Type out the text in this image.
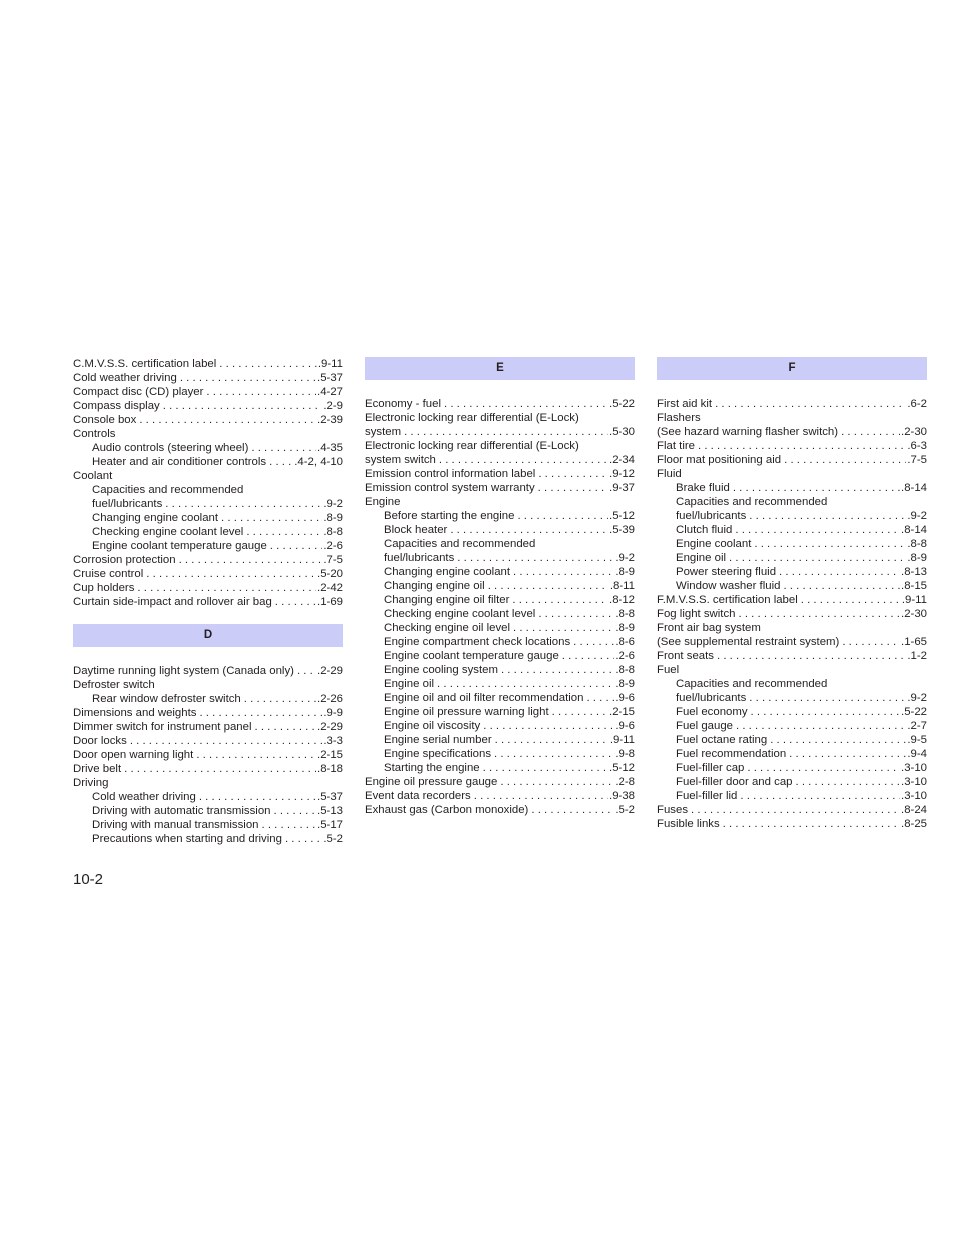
C.M.V.S.S. certification label . . .	.9-11
Cold weather driving . . .	.5-37
Compact disc (CD) player . . .	.4-27
Compass display . . .	.2-9
Console box . . .	.2-39
Controls
Audio controls (steering wheel) . . .	.4-35
Heater and air conditioner controls . . . .4-2, 4-10
Coolant
Capacities and recommended
fuel/lubricants . . .	.9-2
Changing engine coolant . . .	.8-9
Checking engine coolant level . . .	.8-8
Engine coolant temperature gauge . . .	.2-6
Corrosion protection . . .	.7-5
Cruise control . . .	.5-20
Cup holders . . .	.2-42
Curtain side-impact and rollover air bag . . .	.1-69
D
Daytime running light system (Canada only) . . . .2-29
Defroster switch
Rear window defroster switch . . .	.2-26
Dimensions and weights . . .	.9-9
Dimmer switch for instrument panel . . .	.2-29
Door locks . . .	.3-3
Door open warning light . . .	.2-15
Drive belt . . .	.8-18
Driving
Cold weather driving . . .	.5-37
Driving with automatic transmission . . .	.5-13
Driving with manual transmission . . .	.5-17
Precautions when starting and driving . . .	.5-2
E
Economy - fuel . . .	.5-22
Electronic locking rear differential (E-Lock)
system . . .	.5-30
Electronic locking rear differential (E-Lock)
system switch . . .	.2-34
Emission control information label . . .	.9-12
Emission control system warranty . . .	.9-37
Engine
Before starting the engine . . .	.5-12
Block heater . . .	.5-39
Capacities and recommended
fuel/lubricants . . .	.9-2
Changing engine coolant . . .	.8-9
Changing engine oil . . .	.8-11
Changing engine oil filter . . .	.8-12
Checking engine coolant level . . .	.8-8
Checking engine oil level . . .	.8-9
Engine compartment check locations . . .	.8-6
Engine coolant temperature gauge . . .	.2-6
Engine cooling system . . .	.8-8
Engine oil . . .	.8-9
Engine oil and oil filter recommendation . . .	.9-6
Engine oil pressure warning light . . .	.2-15
Engine oil viscosity . . .	.9-6
Engine serial number . . .	.9-11
Engine specifications . . .	.9-8
Starting the engine . . .	.5-12
Engine oil pressure gauge . . .	.2-8
Event data recorders . . .	.9-38
Exhaust gas (Carbon monoxide) . . .	.5-2
F
First aid kit . . .	.6-2
Flashers
(See hazard warning flasher switch) . . .	.2-30
Flat tire . . .	.6-3
Floor mat positioning aid . . .	.7-5
Fluid
Brake fluid . . .	.8-14
Capacities and recommended
fuel/lubricants . . .	.9-2
Clutch fluid . . .	.8-14
Engine coolant . . .	.8-8
Engine oil . . .	.8-9
Power steering fluid . . .	.8-13
Window washer fluid . . .	.8-15
F.M.V.S.S. certification label . . .	.9-11
Fog light switch . . .	.2-30
Front air bag system
(See supplemental restraint system) . . .	.1-65
Front seats . . .	.1-2
Fuel
Capacities and recommended
fuel/lubricants . . .	.9-2
Fuel economy . . .	.5-22
Fuel gauge . . .	.2-7
Fuel octane rating . . .	.9-5
Fuel recommendation . . .	.9-4
Fuel-filler cap . . .	.3-10
Fuel-filler door and cap . . .	.3-10
Fuel-filler lid . . .	.3-10
Fuses . . .	.8-24
Fusible links . . .	.8-25
10-2
